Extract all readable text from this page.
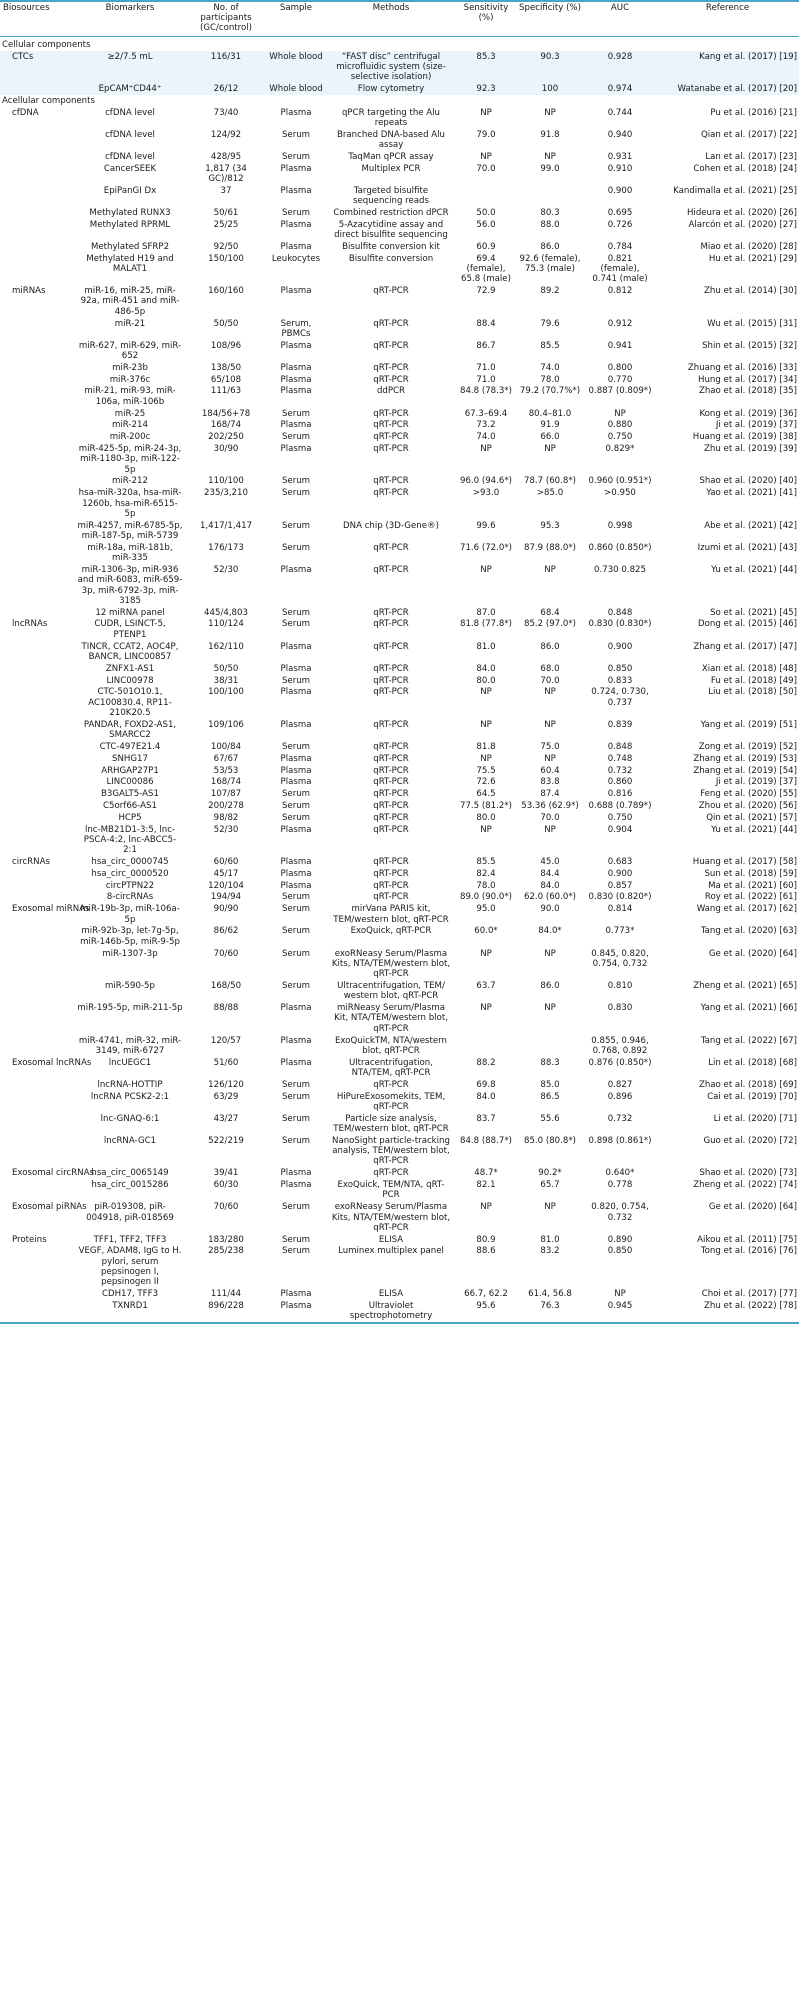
Biosources	Biomarkers	No. of participants (GC/control)	Sample	Methods	Sensitivity (%)	Specificity (%)	AUC	Reference
Cellular components								
CTCs	≥2/7.5 mL	116/31	Whole blood	“FAST disc” centrifugal microfluidic system (size-selective isolation)	85.3	90.3	0.928	Kang et al. (2017) [19]
	EpCAM⁺CD44⁺	26/12	Whole blood	Flow cytometry	92.3	100	0.974	Watanabe et al. (2017) [20]
Acellular components								
cfDNA	cfDNA level	73/40	Plasma	qPCR targeting the Alu repeats	NP	NP	0.744	Pu et al. (2016) [21]
	cfDNA level	124/92	Serum	Branched DNA-based Alu assay	79.0	91.8	0.940	Qian et al. (2017) [22]
	cfDNA level	428/95	Serum	TaqMan qPCR assay	NP	NP	0.931	Lan et al. (2017) [23]
	CancerSEEK	1,817 (34 GC)/812	Plasma	Multiplex PCR	70.0	99.0	0.910	Cohen et al. (2018) [24]
	EpiPanGI Dx	37	Plasma	Targeted bisulfite sequencing reads			0.900	Kandimalla et al. (2021) [25]
	Methylated RUNX3	50/61	Serum	Combined restriction dPCR	50.0	80.3	0.695	Hideura et al. (2020) [26]
	Methylated RPRML	25/25	Plasma	5-Azacytidine assay and direct bisulfite sequencing	56.0	88.0	0.726	Alarcón et al. (2020) [27]
	Methylated SFRP2	92/50	Plasma	Bisulfite conversion kit	60.9	86.0	0.784	Miao et al. (2020) [28]
	Methylated H19 and MALAT1	150/100	Leukocytes	Bisulfite conversion	69.4 (female), 65.8 (male)	92.6 (female), 75.3 (male)	0.821 (female), 0.741 (male)	Hu et al. (2021) [29]
miRNAs	miR-16, miR-25, miR-92a, miR-451 and miR-486-5p	160/160	Plasma	qRT-PCR	72.9	89.2	0.812	Zhu et al. (2014) [30]
	miR-21	50/50	Serum, PBMCs	qRT-PCR	88.4	79.6	0.912	Wu et al. (2015) [31]
	miR-627, miR-629, miR-652	108/96	Plasma	qRT-PCR	86.7	85.5	0.941	Shin et al. (2015) [32]
	miR-23b	138/50	Plasma	qRT-PCR	71.0	74.0	0.800	Zhuang et al. (2016) [33]
	miR-376c	65/108	Plasma	qRT-PCR	71.0	78.0	0.770	Hung et al. (2017) [34]
	miR-21, miR-93, miR-106a, miR-106b	111/63	Plasma	ddPCR	84.8 (78.3*)	79.2 (70.7%*)	0.887 (0.809*)	Zhao et al. (2018) [35]
	miR-25	184/56+78	Serum	qRT-PCR	67.3–69.4	80.4–81.0	NP	Kong et al. (2019) [36]
	miR-214	168/74	Plasma	qRT-PCR	73.2	91.9	0.880	Ji et al. (2019) [37]
	miR-200c	202/250	Serum	qRT-PCR	74.0	66.0	0.750	Huang et al. (2019) [38]
	miR-425-5p, miR-24-3p, miR-1180-3p, miR-122-5p	30/90	Plasma	qRT-PCR	NP	NP	0.829*	Zhu et al. (2019) [39]
	miR-212	110/100	Serum	qRT-PCR	96.0 (94.6*)	78.7 (60.8*)	0.960 (0.951*)	Shao et al. (2020) [40]
	hsa-miR-320a, hsa-miR-1260b, hsa-miR-6515-5p	235/3,210	Serum	qRT-PCR	>93.0	>85.0	>0.950	Yao et al. (2021) [41]
	miR-4257, miR-6785-5p, miR-187-5p, miR-5739	1,417/1,417	Serum	DNA chip (3D-Gene®)	99.6	95.3	0.998	Abe et al. (2021) [42]
	miR-18a, miR-181b, miR-335	176/173	Serum	qRT-PCR	71.6 (72.0*)	87.9 (88.0*)	0.860 (0.850*)	Izumi et al. (2021) [43]
	miR-1306-3p, miR-936 and miR-6083, miR-659-3p, miR-6792-3p, miR-3185	52/30	Plasma	qRT-PCR	NP	NP	0.730 0.825	Yu et al. (2021) [44]
	12 miRNA panel	445/4,803	Serum	qRT-PCR	87.0	68.4	0.848	So et al. (2021) [45]
lncRNAs	CUDR, LSINCT-5, PTENP1	110/124	Serum	qRT-PCR	81.8 (77.8*)	85.2 (97.0*)	0.830 (0.830*)	Dong et al. (2015) [46]
	TINCR, CCAT2, AOC4P, BANCR, LINC00857	162/110	Plasma	qRT-PCR	81.0	86.0	0.900	Zhang et al. (2017) [47]
	ZNFX1-AS1	50/50	Plasma	qRT-PCR	84.0	68.0	0.850	Xian et al. (2018) [48]
	LINC00978	38/31	Serum	qRT-PCR	80.0	70.0	0.833	Fu et al. (2018) [49]
	CTC-501O10.1, AC100830.4, RP11-210K20.5	100/100	Plasma	qRT-PCR	NP	NP	0.724, 0.730, 0.737	Liu et al. (2018) [50]
	PANDAR, FOXD2-AS1, SMARCC2	109/106	Plasma	qRT-PCR	NP	NP	0.839	Yang et al. (2019) [51]
	CTC-497E21.4	100/84	Serum	qRT-PCR	81.8	75.0	0.848	Zong et al. (2019) [52]
	SNHG17	67/67	Plasma	qRT-PCR	NP	NP	0.748	Zhang et al. (2019) [53]
	ARHGAP27P1	53/53	Plasma	qRT-PCR	75.5	60.4	0.732	Zhang et al. (2019) [54]
	LINC00086	168/74	Plasma	qRT-PCR	72.6	83.8	0.860	Ji et al. (2019) [37]
	B3GALT5-AS1	107/87	Serum	qRT-PCR	64.5	87.4	0.816	Feng et al. (2020) [55]
	C5orf66-AS1	200/278	Serum	qRT-PCR	77.5 (81.2*)	53.36 (62.9*)	0.688 (0.789*)	Zhou et al. (2020) [56]
	HCP5	98/82	Serum	qRT-PCR	80.0	70.0	0.750	Qin et al. (2021) [57]
	lnc-MB21D1-3:5, lnc-PSCA-4:2, lnc-ABCC5-2:1	52/30	Plasma	qRT-PCR	NP	NP	0.904	Yu et al. (2021) [44]
circRNAs	hsa_circ_0000745	60/60	Plasma	qRT-PCR	85.5	45.0	0.683	Huang et al. (2017) [58]
	hsa_circ_0000520	45/17	Plasma	qRT-PCR	82.4	84.4	0.900	Sun et al. (2018) [59]
	circPTPN22	120/104	Plasma	qRT-PCR	78.0	84.0	0.857	Ma et al. (2021) [60]
	8-circRNAs	194/94	Serum	qRT-PCR	89.0 (90.0*)	62.0 (60.0*)	0.830 (0.820*)	Roy et al. (2022) [61]
Exosomal miRNAs	miR-19b-3p, miR-106a-5p	90/90	Serum	mirVana PARIS kit, TEM/western blot, qRT-PCR	95.0	90.0	0.814	Wang et al. (2017) [62]
	miR-92b-3p, let-7g-5p, miR-146b-5p, miR-9-5p	86/62	Serum	ExoQuick, qRT-PCR	60.0*	84.0*	0.773*	Tang et al. (2020) [63]
	miR-1307-3p	70/60	Serum	exoRNeasy Serum/Plasma Kits, NTA/TEM/western blot, qRT-PCR	NP	NP	0.845, 0.820, 0.754, 0.732	Ge et al. (2020) [64]
	miR-590-5p	168/50	Serum	Ultracentrifugation, TEM/ western blot, qRT-PCR	63.7	86.0	0.810	Zheng et al. (2021) [65]
	miR-195-5p, miR-211-5p	88/88	Plasma	miRNeasy Serum/Plasma Kit, NTA/TEM/western blot, qRT-PCR	NP	NP	0.830	Yang et al. (2021) [66]
	miR-4741, miR-32, miR-3149, miR-6727	120/57	Plasma	ExoQuickTM, NTA/western blot, qRT-PCR			0.855, 0.946, 0.768, 0.892	Tang et al. (2022) [67]
Exosomal lncRNAs	lncUEGC1	51/60	Plasma	Ultracentrifugation, NTA/TEM, qRT-PCR	88.2	88.3	0.876 (0.850*)	Lin et al. (2018) [68]
	lncRNA-HOTTIP	126/120	Serum	qRT-PCR	69.8	85.0	0.827	Zhao et al. (2018) [69]
	lncRNA PCSK2-2:1	63/29	Serum	HiPureExosomekits, TEM, qRT-PCR	84.0	86.5	0.896	Cai et al. (2019) [70]
	lnc-GNAQ-6:1	43/27	Serum	Particle size analysis, TEM/western blot, qRT-PCR	83.7	55.6	0.732	Li et al. (2020) [71]
	lncRNA-GC1	522/219	Serum	NanoSight particle-tracking analysis, TEM/western blot, qRT-PCR	84.8 (88.7*)	85.0 (80.8*)	0.898 (0.861*)	Guo et al. (2020) [72]
Exosomal circRNAs	hsa_circ_0065149	39/41	Plasma	qRT-PCR	48.7*	90.2*	0.640*	Shao et al. (2020) [73]
	hsa_circ_0015286	60/30	Plasma	ExoQuick, TEM/NTA, qRT-PCR	82.1	65.7	0.778	Zheng et al. (2022) [74]
Exosomal piRNAs	piR-019308, piR-004918, piR-018569	70/60	Serum	exoRNeasy Serum/Plasma Kits, NTA/TEM/western blot, qRT-PCR	NP	NP	0.820, 0.754, 0.732	Ge et al. (2020) [64]
Proteins	TFF1, TFF2, TFF3	183/280	Serum	ELISA	80.9	81.0	0.890	Aikou et al. (2011) [75]
	VEGF, ADAM8, IgG to H. pylori, serum pepsinogen I, pepsinogen II	285/238	Serum	Luminex multiplex panel	88.6	83.2	0.850	Tong et al. (2016) [76]
	CDH17, TFF3	111/44	Plasma	ELISA	66.7, 62.2	61.4, 56.8	NP	Choi et al. (2017) [77]
	TXNRD1	896/228	Plasma	Ultraviolet spectrophotometry	95.6	76.3	0.945	Zhu et al. (2022) [78]
